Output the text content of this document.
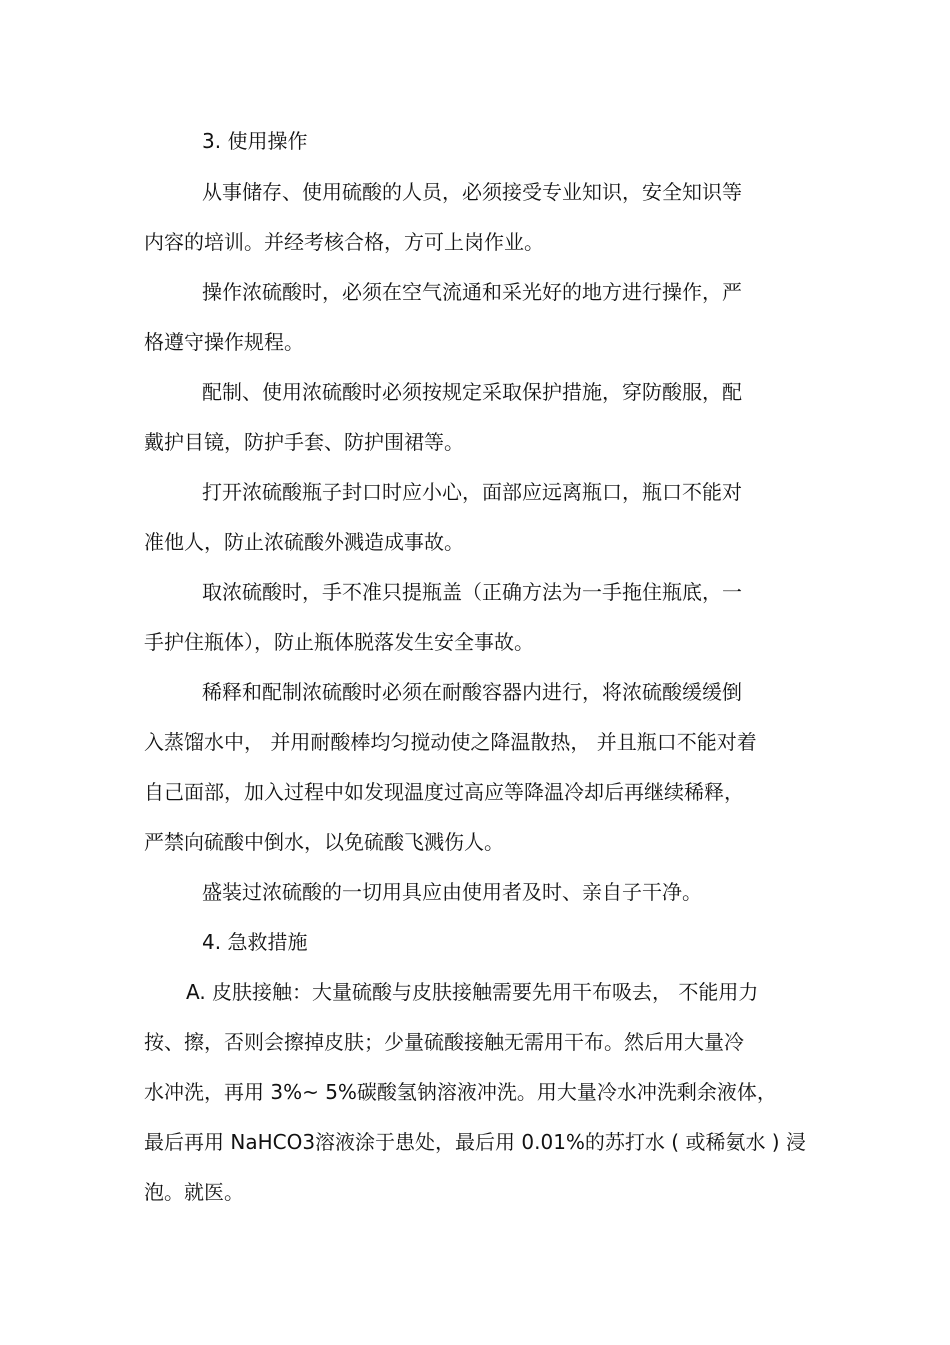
3. 使用操作
从事储存、使用硫酸的人员，必须接受专业知识，安全知识等
内容的培训。并经考核合格，方可上岗作业。
操作浓硫酸时，必须在空气流通和采光好的地方进行操作，严
格遵守操作规程。
配制、使用浓硫酸时必须按规定采取保护措施，穿防酸服，配
戴护目镜，防护手套、防护围裙等。
打开浓硫酸瓶子封口时应小心，面部应远离瓶口，瓶口不能对
准他人，防止浓硫酸外溅造成事故。
取浓硫酸时，手不准只提瓶盖（正确方法为一手拖住瓶底，一
手护住瓶体），防止瓶体脱落发生安全事故。
稀释和配制浓硫酸时必须在耐酸容器内进行，将浓硫酸缓缓倒
入蒸馏水中， 并用耐酸棒均匀搅动使之降温散热， 并且瓶口不能对着
自己面部，加入过程中如发现温度过高应等降温冷却后再继续稀释，
严禁向硫酸中倒水，以免硫酸飞溅伤人。
盛装过浓硫酸的一切用具应由使用者及时、亲自子干净。
4. 急救措施
A. 皮肤接触：大量硫酸与皮肤接触需要先用干布吸去， 不能用力
按、擦，否则会擦掉皮肤；少量硫酸接触无需用干布。然后用大量冷
水冲洗，再用 3%~ 5%碳酸氢钠溶液冲洗。用大量冷水冲洗剩余液体，
最后再用 NaHCO3溶液涂于患处，最后用 0.01%的苏打水 ( 或稀氨水 ) 浸
泡。就医。
